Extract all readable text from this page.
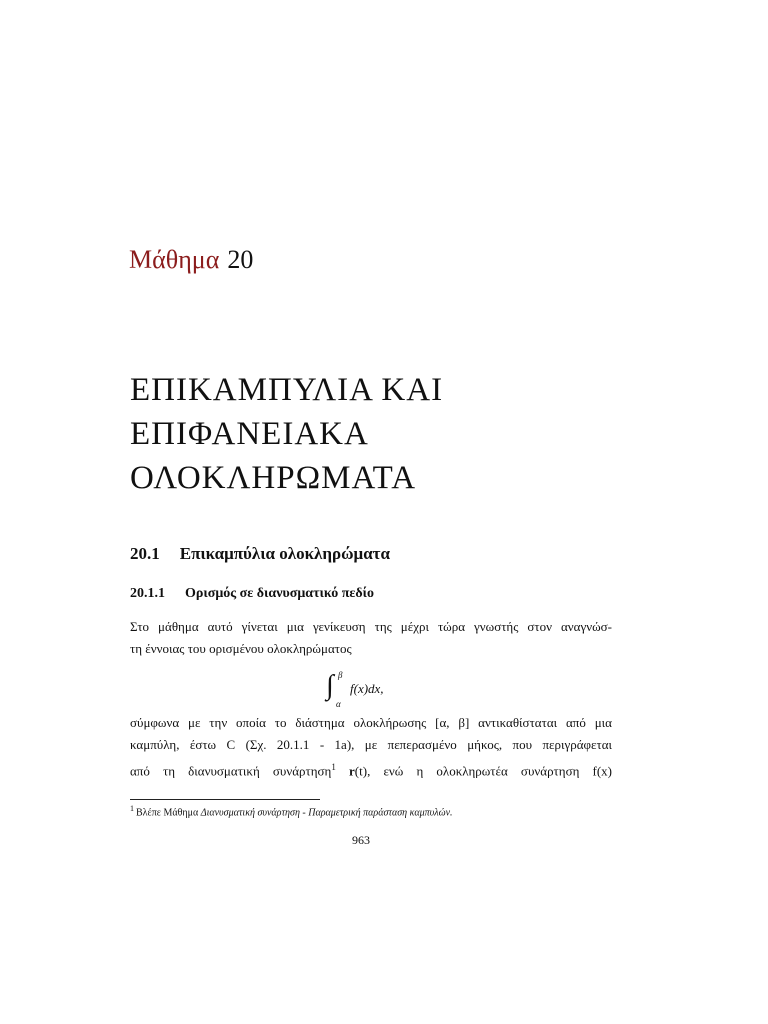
Μάθημα 20
ΕΠΙΚΑΜΠΥΛΙΑ ΚΑΙ
ΕΠΙΦΑΝΕΙΑΚΑ
ΟΛΟΚΛΗΡΩΜΑΤΑ
20.1 Επικαμπύλια ολοκληρώματα
20.1.1 Ορισμός σε διανυσματικό πεδίο
Στο μάθημα αυτό γίνεται μια γενίκευση της μέχρι τώρα γνωστής στον αναγνώσ-
τη έννοιας του ορισμένου ολοκληρώματος
∫ β
α
f(x)dx,
σύμφωνα με την οποία το διάστημα ολοκλήρωσης [α, β] αντικαθίσταται από μια
καμπύλη, έστω C (Σχ. 20.1.1 - 1a), με πεπερασμένο μήκος, που περιγράφεται
από τη διανυσματική συνάρτηση$^1$ r(t), ενώ η ολοκληρωτέα συνάρτηση f(x)
$^1$ Βλέπε Μάθημα Διανυσματική συνάρτηση - Παραμετρική παράσταση καμπυλών.
963
